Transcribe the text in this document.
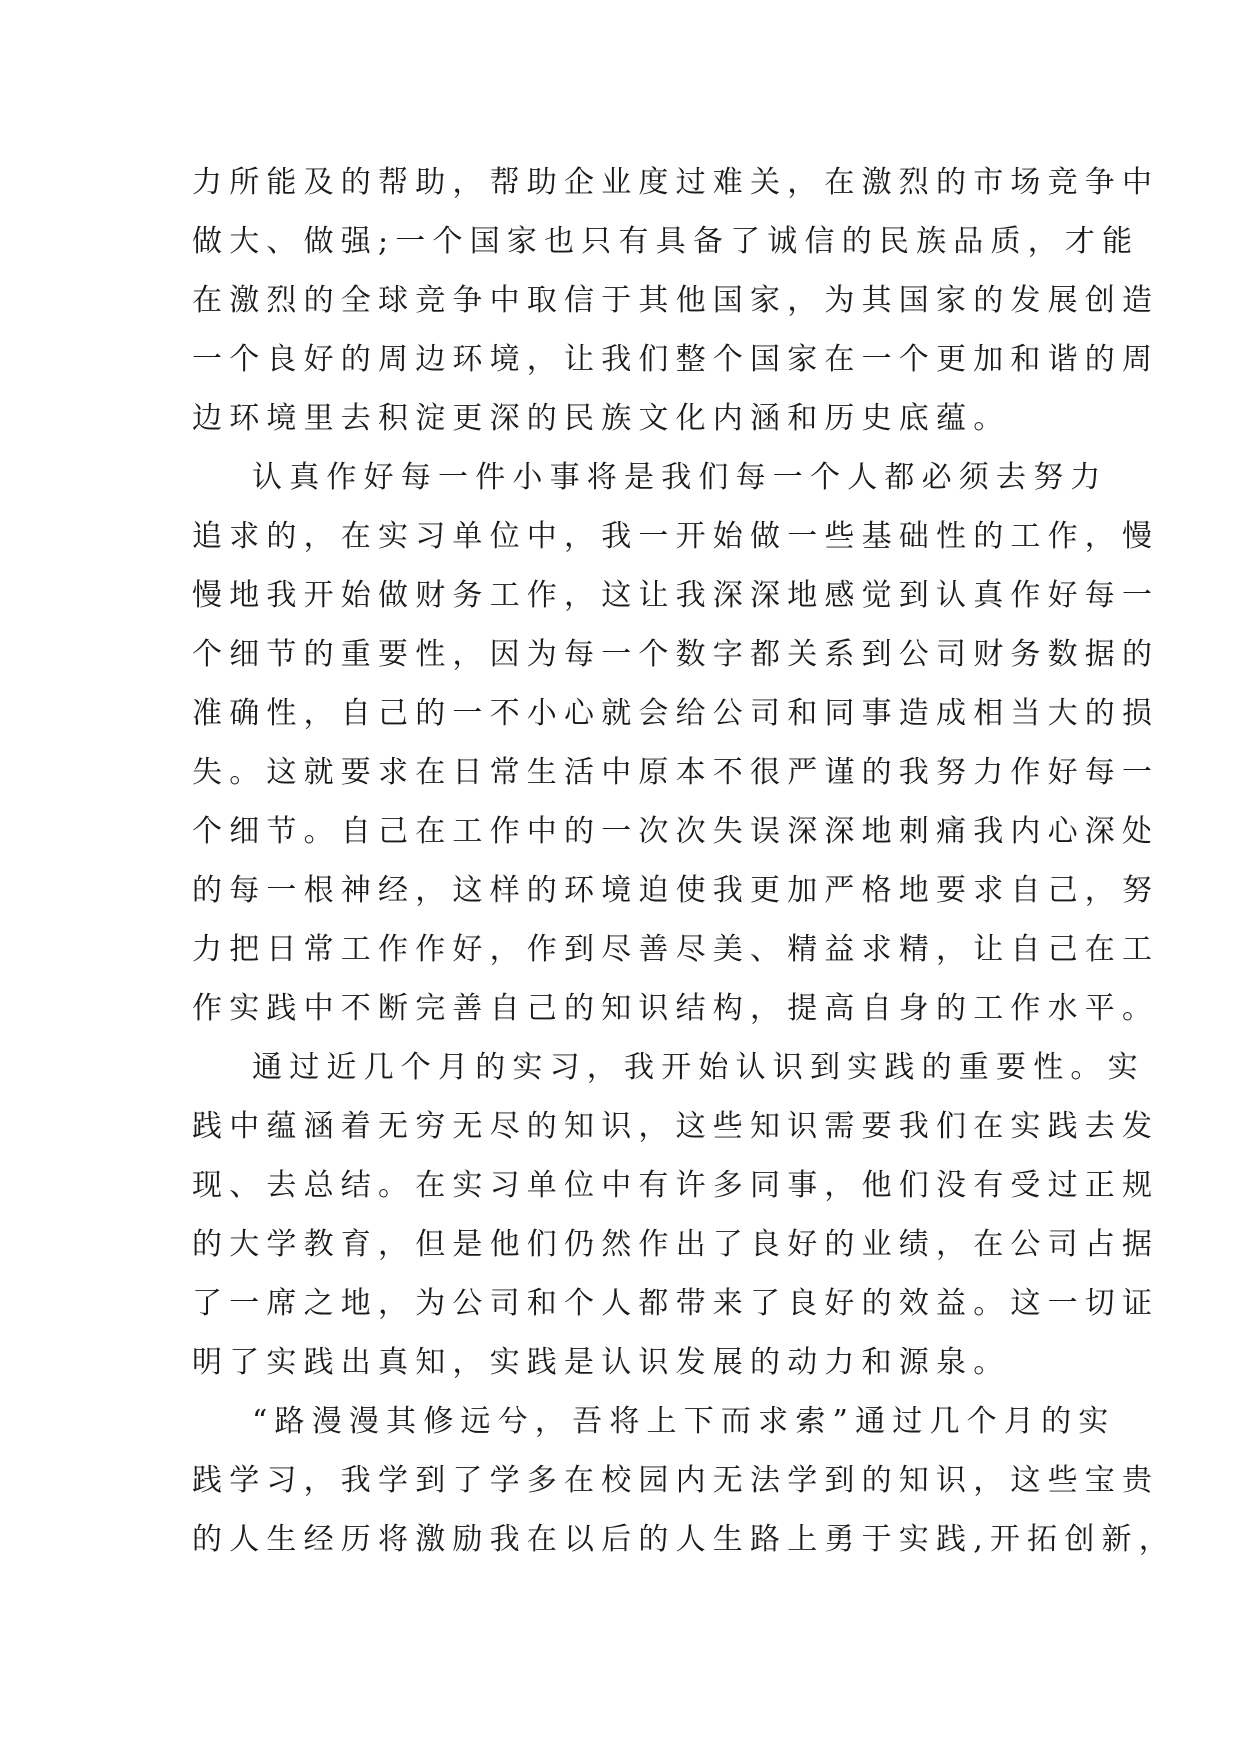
力所能及的帮助，帮助企业度过难关，在激烈的市场竞争中
做大、做强;一个国家也只有具备了诚信的民族品质，才能
在激烈的全球竞争中取信于其他国家，为其国家的发展创造
一个良好的周边环境，让我们整个国家在一个更加和谐的周
边环境里去积淀更深的民族文化内涵和历史底蕴。
认真作好每一件小事将是我们每一个人都必须去努力
追求的，在实习单位中，我一开始做一些基础性的工作，慢
慢地我开始做财务工作，这让我深深地感觉到认真作好每一
个细节的重要性，因为每一个数字都关系到公司财务数据的
准确性，自己的一不小心就会给公司和同事造成相当大的损
失。这就要求在日常生活中原本不很严谨的我努力作好每一
个细节。自己在工作中的一次次失误深深地刺痛我内心深处
的每一根神经，这样的环境迫使我更加严格地要求自己，努
力把日常工作作好，作到尽善尽美、精益求精，让自己在工
作实践中不断完善自己的知识结构，提高自身的工作水平。
通过近几个月的实习，我开始认识到实践的重要性。实
践中蕴涵着无穷无尽的知识，这些知识需要我们在实践去发
现、去总结。在实习单位中有许多同事，他们没有受过正规
的大学教育，但是他们仍然作出了良好的业绩，在公司占据
了一席之地，为公司和个人都带来了良好的效益。这一切证
明了实践出真知，实践是认识发展的动力和源泉。
“路漫漫其修远兮，吾将上下而求索”通过几个月的实
践学习，我学到了学多在校园内无法学到的知识，这些宝贵
的人生经历将激励我在以后的人生路上勇于实践,开拓创新，
